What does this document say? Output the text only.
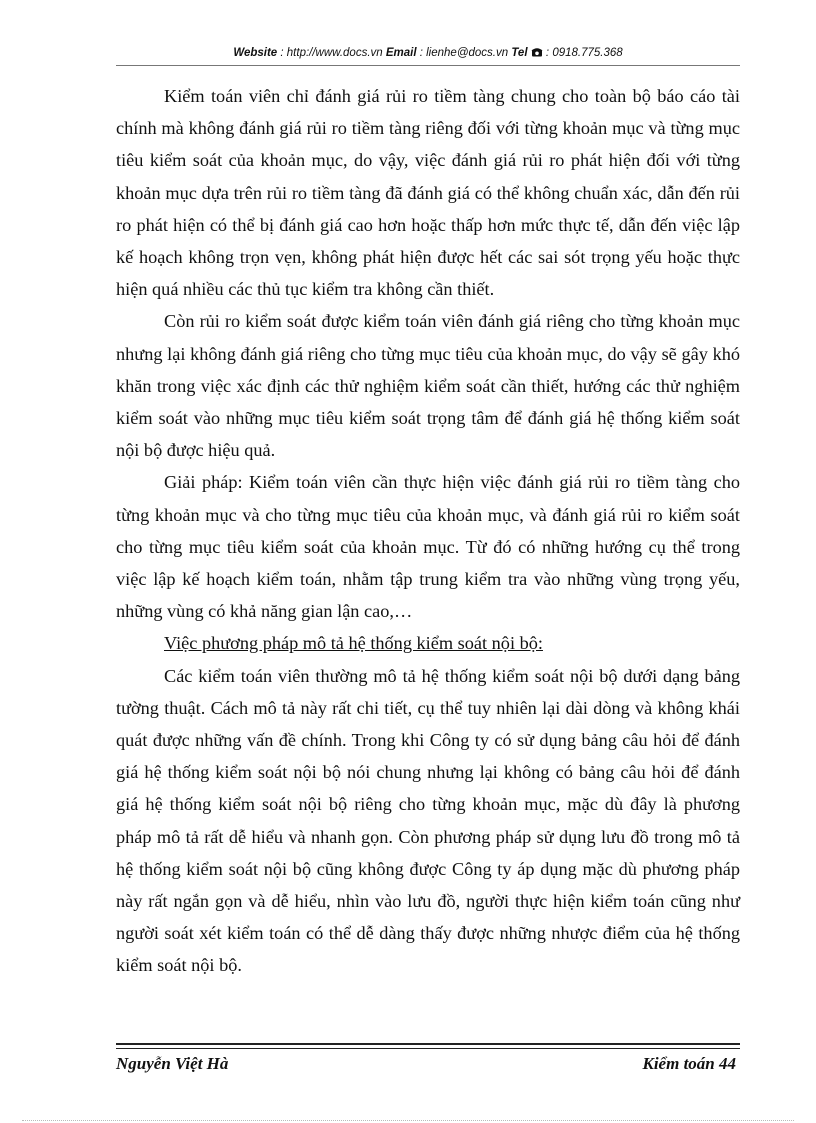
Website : http://www.docs.vn Email : lienhe@docs.vn Tel  : 0918.775.368

Kiểm toán viên chỉ đánh giá rủi ro tiềm tàng chung cho toàn bộ báo cáo tài chính mà không đánh giá rủi ro tiềm tàng riêng đối với từng khoản mục và từng mục tiêu kiểm soát của khoản mục, do vậy, việc đánh giá rủi ro phát hiện đối với từng khoản mục dựa trên rủi ro tiềm tàng đã đánh giá có thể không chuẩn xác, dẫn đến rủi ro phát hiện có thể bị đánh giá cao hơn hoặc thấp hơn mức thực tế, dẫn đến việc lập kế hoạch không trọn vẹn, không phát hiện được hết các sai sót trọng yếu hoặc thực hiện quá nhiều các thủ tục kiểm tra không cần thiết.

Còn rủi ro kiểm soát được kiểm toán viên đánh giá riêng cho từng khoản mục nhưng lại không đánh giá riêng cho từng mục tiêu của khoản mục, do vậy sẽ gây khó khăn trong việc xác định các thử nghiệm kiểm soát cần thiết, hướng các thử nghiệm kiểm soát vào những mục tiêu kiểm soát trọng tâm để đánh giá hệ thống kiểm soát nội bộ được hiệu quả.

Giải pháp: Kiểm toán viên cần thực hiện việc đánh giá rủi ro tiềm tàng cho từng khoản mục và cho từng mục tiêu của khoản mục, và đánh giá rủi ro kiểm soát cho từng mục tiêu kiểm soát của khoản mục. Từ đó có những hướng cụ thể trong việc lập kế hoạch kiểm toán, nhằm tập trung kiểm tra vào những vùng trọng yếu, những vùng có khả năng gian lận cao,…

Việc phương pháp mô tả hệ thống kiểm soát nội bộ:

Các kiểm toán viên thường mô tả hệ thống kiểm soát nội bộ dưới dạng bảng tường thuật. Cách mô tả này rất chi tiết, cụ thể tuy nhiên lại dài dòng và không khái quát được những vấn đề chính. Trong khi Công ty có sử dụng bảng câu hỏi để đánh giá hệ thống kiểm soát nội bộ nói chung nhưng lại không có bảng câu hỏi để đánh giá hệ thống kiểm soát nội bộ riêng cho từng khoản mục, mặc dù đây là phương pháp mô tả rất dễ hiểu và nhanh gọn. Còn phương pháp sử dụng lưu đồ trong mô tả hệ thống kiểm soát nội bộ cũng không được Công ty áp dụng mặc dù phương pháp này rất ngắn gọn và dễ hiểu, nhìn vào lưu đồ, người thực hiện kiểm toán cũng như người soát xét kiểm toán có thể dễ dàng thấy được những nhược điểm của hệ thống kiểm soát nội bộ.

Nguyễn Việt Hà	Kiểm toán 44
